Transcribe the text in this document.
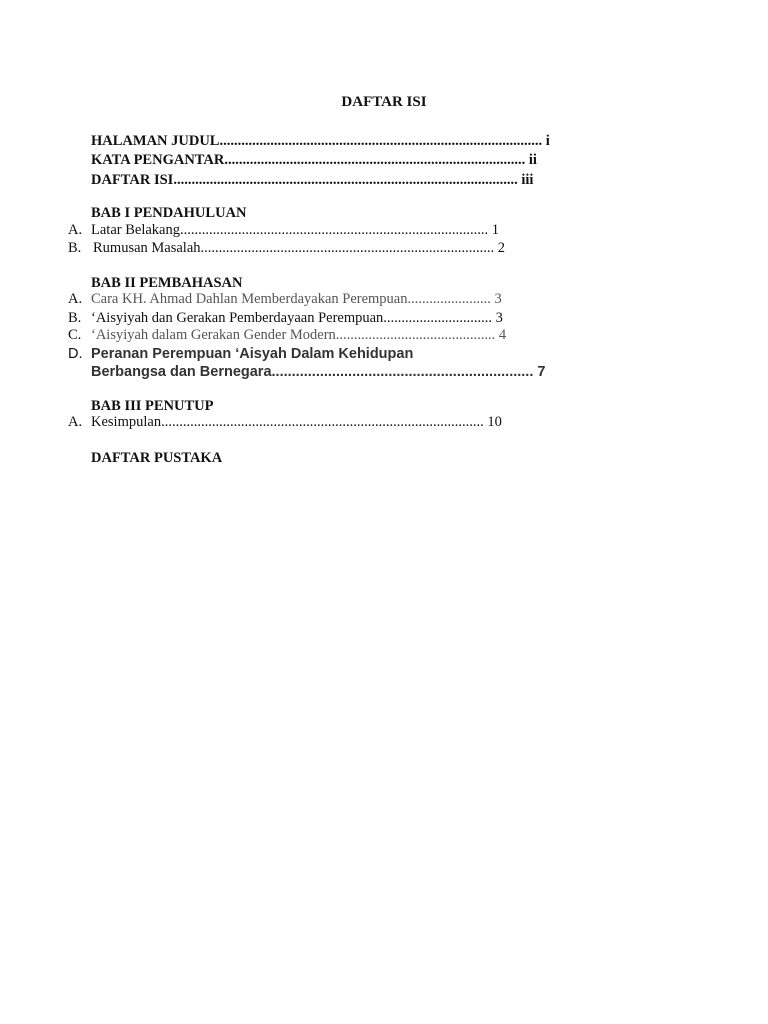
DAFTAR ISI
HALAMAN JUDUL......................................................................................... i
KATA PENGANTAR................................................................................... ii
DAFTAR ISI............................................................................................... iii
BAB I PENDAHULUAN
A. Latar Belakang..................................................................................... 1
B. Rumusan Masalah................................................................................. 2
BAB II PEMBAHASAN
A. Cara KH. Ahmad Dahlan Memberdayakan Perempuan....................... 3
B. ‘Aisyiyah dan Gerakan Pemberdayaan Perempuan.............................. 3
C. ‘Aisyiyah dalam Gerakan Gender Modern............................................ 4
D. Peranan Perempuan ‘Aisyah Dalam Kehidupan
Berbangsa dan Bernegara................................................................. 7
BAB III PENUTUP
A. Kesimpulan......................................................................................... 10
DAFTAR PUSTAKA
